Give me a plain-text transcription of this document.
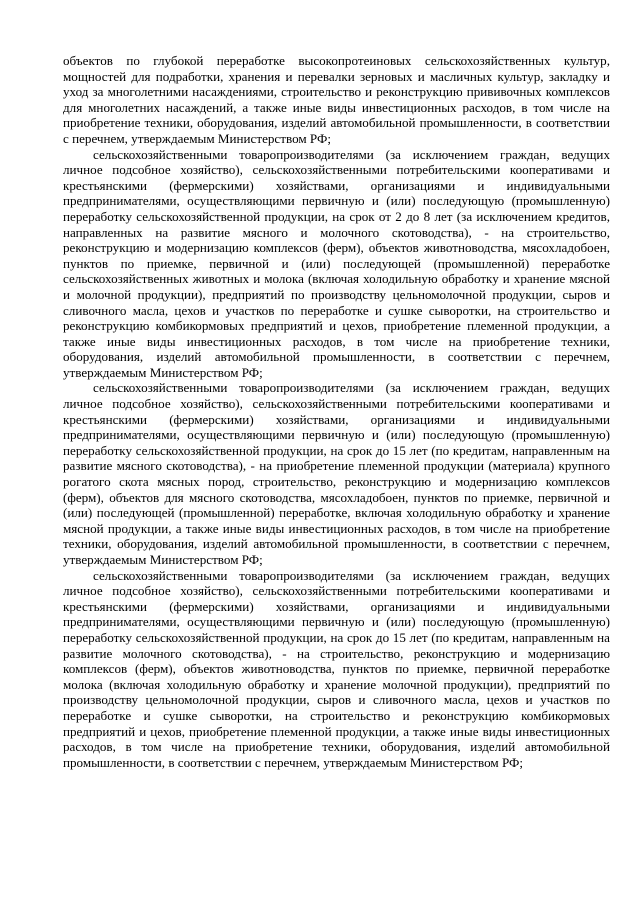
объектов по глубокой переработке высокопротеиновых сельскохозяйственных культур, мощностей для подработки, хранения и перевалки зерновых и масличных культур, закладку и уход за многолетними насаждениями, строительство и реконструкцию прививочных комплексов для многолетних насаждений, а также иные виды инвестиционных расходов, в том числе на приобретение техники, оборудования, изделий автомобильной промышленности, в соответствии с перечнем, утверждаемым Министерством РФ;

сельскохозяйственными товаропроизводителями (за исключением граждан, ведущих личное подсобное хозяйство), сельскохозяйственными потребительскими кооперативами и крестьянскими (фермерскими) хозяйствами, организациями и индивидуальными предпринимателями, осуществляющими первичную и (или) последующую (промышленную) переработку сельскохозяйственной продукции, на срок от 2 до 8 лет (за исключением кредитов, направленных на развитие мясного и молочного скотоводства), - на строительство, реконструкцию и модернизацию комплексов (ферм), объектов животноводства, мясохладобоен, пунктов по приемке, первичной и (или) последующей (промышленной) переработке сельскохозяйственных животных и молока (включая холодильную обработку и хранение мясной и молочной продукции), предприятий по производству цельномолочной продукции, сыров и сливочного масла, цехов и участков по переработке и сушке сыворотки, на строительство и реконструкцию комбикормовых предприятий и цехов, приобретение племенной продукции, а также иные виды инвестиционных расходов, в том числе на приобретение техники, оборудования, изделий автомобильной промышленности, в соответствии с перечнем, утверждаемым Министерством РФ;

сельскохозяйственными товаропроизводителями (за исключением граждан, ведущих личное подсобное хозяйство), сельскохозяйственными потребительскими кооперативами и крестьянскими (фермерскими) хозяйствами, организациями и индивидуальными предпринимателями, осуществляющими первичную и (или) последующую (промышленную) переработку сельскохозяйственной продукции, на срок до 15 лет (по кредитам, направленным на развитие мясного скотоводства), - на приобретение племенной продукции (материала) крупного рогатого скота мясных пород, строительство, реконструкцию и модернизацию комплексов (ферм), объектов для мясного скотоводства, мясохладобоен, пунктов по приемке, первичной и (или) последующей (промышленной) переработке, включая холодильную обработку и хранение мясной продукции, а также иные виды инвестиционных расходов, в том числе на приобретение техники, оборудования, изделий автомобильной промышленности, в соответствии с перечнем, утверждаемым Министерством РФ;

сельскохозяйственными товаропроизводителями (за исключением граждан, ведущих личное подсобное хозяйство), сельскохозяйственными потребительскими кооперативами и крестьянскими (фермерскими) хозяйствами, организациями и индивидуальными предпринимателями, осуществляющими первичную и (или) последующую (промышленную) переработку сельскохозяйственной продукции, на срок до 15 лет (по кредитам, направленным на развитие молочного скотоводства), - на строительство, реконструкцию и модернизацию комплексов (ферм), объектов животноводства, пунктов по приемке, первичной переработке молока (включая холодильную обработку и хранение молочной продукции), предприятий по производству цельномолочной продукции, сыров и сливочного масла, цехов и участков по переработке и сушке сыворотки, на строительство и реконструкцию комбикормовых предприятий и цехов, приобретение племенной продукции, а также иные виды инвестиционных расходов, в том числе на приобретение техники, оборудования, изделий автомобильной промышленности, в соответствии с перечнем, утверждаемым Министерством РФ;
